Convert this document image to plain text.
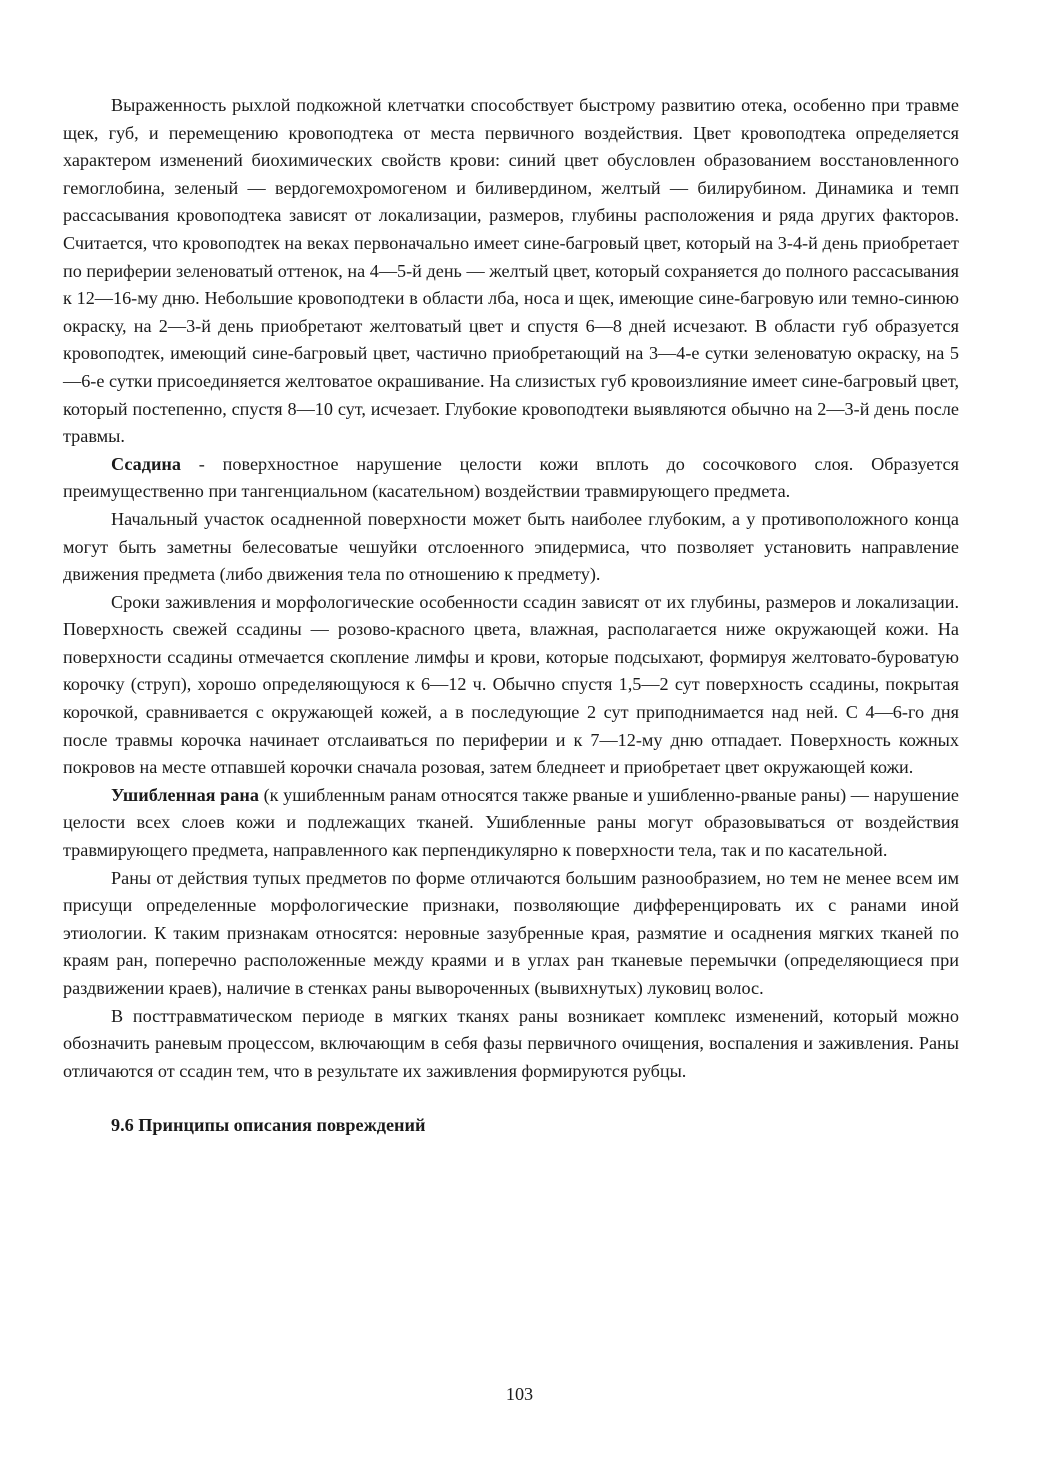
Выраженность рыхлой подкожной клетчатки способствует быстрому развитию отека, особенно при травме щек, губ, и перемещению кровоподтека от места первичного воздействия. Цвет кровоподтека определяется характером изменений биохимических свойств крови: синий цвет обусловлен образованием восстановленного гемоглобина, зеленый — вердогемохромогеном и биливердином, желтый — билирубином. Динамика и темп рассасывания кровоподтека зависят от локализации, размеров, глубины расположения и ряда других факторов. Считается, что кровоподтек на веках первоначально имеет сине-багровый цвет, который на 3-4-й день приобретает по периферии зеленоватый оттенок, на 4—5-й день — желтый цвет, который сохраняется до полного рассасывания к 12—16-му дню. Небольшие кровоподтеки в области лба, носа и щек, имеющие сине-багровую или темно-синюю окраску, на 2—3-й день приобретают желтоватый цвет и спустя 6—8 дней исчезают. В области губ образуется кровоподтек, имеющий сине-багровый цвет, частично приобретающий на 3—4-е сутки зеленоватую окраску, на 5—6-е сутки присоединяется желтоватое окрашивание. На слизистых губ кровоизлияние имеет сине-багровый цвет, который постепенно, спустя 8—10 сут, исчезает. Глубокие кровоподтеки выявляются обычно на 2—3-й день после травмы.

Ссадина - поверхностное нарушение целости кожи вплоть до сосочкового слоя. Образуется преимущественно при тангенциальном (касательном) воздействии травмирующего предмета.

Начальный участок осадненной поверхности может быть наиболее глубоким, а у противоположного конца могут быть заметны белесоватые чешуйки отслоенного эпидермиса, что позволяет установить направление движения предмета (либо движения тела по отношению к предмету).

Сроки заживления и морфологические особенности ссадин зависят от их глубины, размеров и локализации. Поверхность свежей ссадины — розово-красного цвета, влажная, располагается ниже окружающей кожи. На поверхности ссадины отмечается скопление лимфы и крови, которые подсыхают, формируя желтовато-буроватую корочку (струп), хорошо определяющуюся к 6—12 ч. Обычно спустя 1,5—2 сут поверхность ссадины, покрытая корочкой, сравнивается с окружающей кожей, а в последующие 2 сут приподнимается над ней. С 4—6-го дня после травмы корочка начинает отслаиваться по периферии и к 7—12-му дню отпадает. Поверхность кожных покровов на месте отпавшей корочки сначала розовая, затем бледнеет и приобретает цвет окружающей кожи.

Ушибленная рана (к ушибленным ранам относятся также рваные и ушибленно-рваные раны) — нарушение целости всех слоев кожи и подлежащих тканей. Ушибленные раны могут образовываться от воздействия травмирующего предмета, направленного как перпендикулярно к поверхности тела, так и по касательной.

Раны от действия тупых предметов по форме отличаются большим разнообразием, но тем не менее всем им присущи определенные морфологические признаки, позволяющие дифференцировать их с ранами иной этиологии. К таким признакам относятся: неровные зазубренные края, размятие и осаднения мягких тканей по краям ран, поперечно расположенные между краями и в углах ран тканевые перемычки (определяющиеся при раздвижении краев), наличие в стенках раны вывороченных (вывихнутых) луковиц волос.

В посттравматическом периоде в мягких тканях раны возникает комплекс изменений, который можно обозначить раневым процессом, включающим в себя фазы первичного очищения, воспаления и заживления. Раны отличаются от ссадин тем, что в результате их заживления формируются рубцы.

9.6 Принципы описания повреждений
103
